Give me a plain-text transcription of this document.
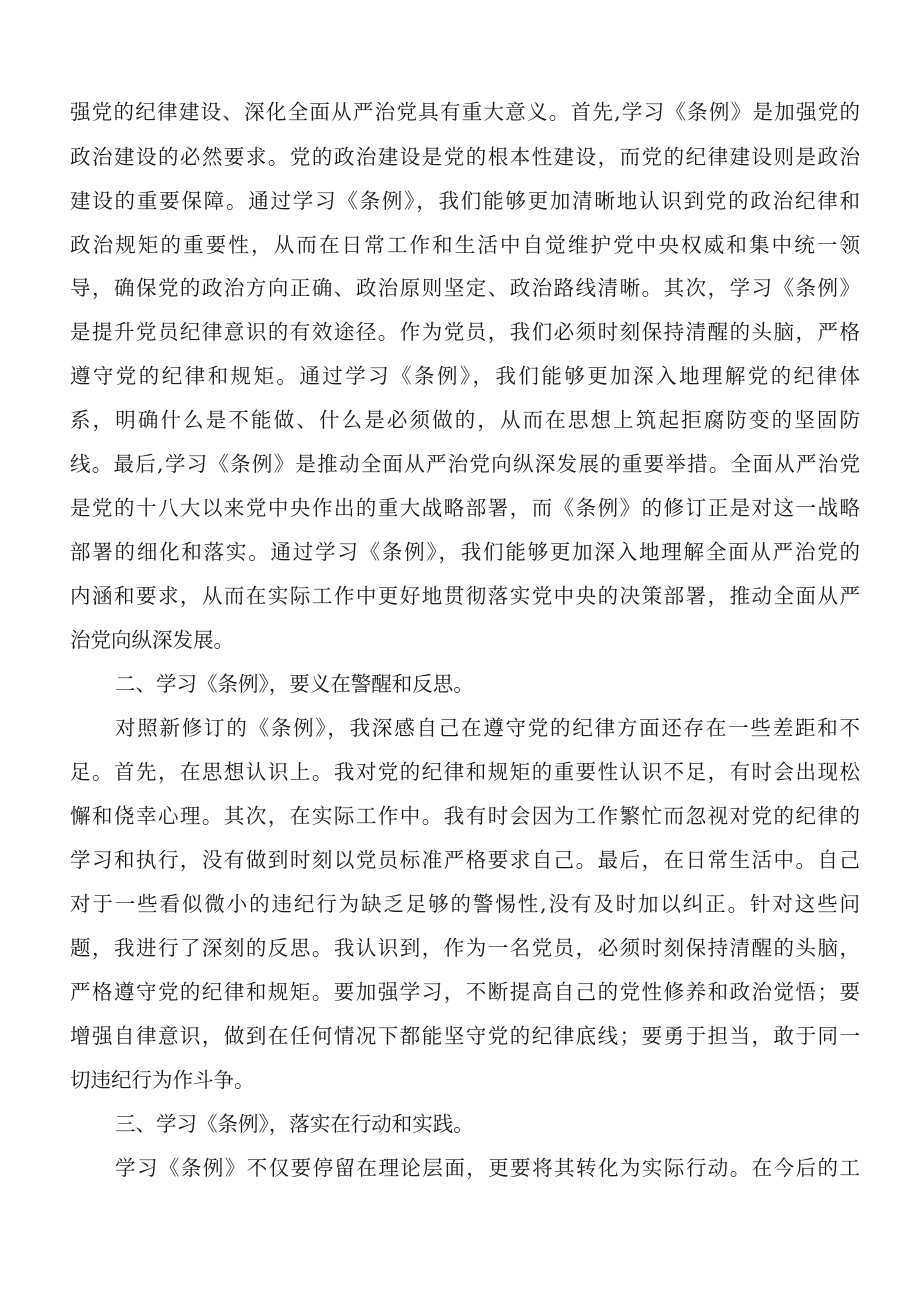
强党的纪律建设、深化全面从严治党具有重大意义。首先,学习《条例》是加强党的
政治建设的必然要求。党的政治建设是党的根本性建设，而党的纪律建设则是政治
建设的重要保障。通过学习《条例》，我们能够更加清晰地认识到党的政治纪律和
政治规矩的重要性，从而在日常工作和生活中自觉维护党中央权威和集中统一领
导，确保党的政治方向正确、政治原则坚定、政治路线清晰。其次，学习《条例》
是提升党员纪律意识的有效途径。作为党员，我们必须时刻保持清醒的头脑，严格
遵守党的纪律和规矩。通过学习《条例》，我们能够更加深入地理解党的纪律体
系，明确什么是不能做、什么是必须做的，从而在思想上筑起拒腐防变的坚固防
线。最后,学习《条例》是推动全面从严治党向纵深发展的重要举措。全面从严治党
是党的十八大以来党中央作出的重大战略部署，而《条例》的修订正是对这一战略
部署的细化和落实。通过学习《条例》，我们能够更加深入地理解全面从严治党的
内涵和要求，从而在实际工作中更好地贯彻落实党中央的决策部署，推动全面从严
治党向纵深发展。
二、学习《条例》，要义在警醒和反思。
对照新修订的《条例》，我深感自己在遵守党的纪律方面还存在一些差距和不
足。首先，在思想认识上。我对党的纪律和规矩的重要性认识不足，有时会出现松
懈和侥幸心理。其次，在实际工作中。我有时会因为工作繁忙而忽视对党的纪律的
学习和执行，没有做到时刻以党员标准严格要求自己。最后，在日常生活中。自己
对于一些看似微小的违纪行为缺乏足够的警惕性,没有及时加以纠正。针对这些问
题，我进行了深刻的反思。我认识到，作为一名党员，必须时刻保持清醒的头脑，
严格遵守党的纪律和规矩。要加强学习，不断提高自己的党性修养和政治觉悟；要
增强自律意识，做到在任何情况下都能坚守党的纪律底线；要勇于担当，敢于同一
切违纪行为作斗争。
三、学习《条例》，落实在行动和实践。
学习《条例》不仅要停留在理论层面，更要将其转化为实际行动。在今后的工
